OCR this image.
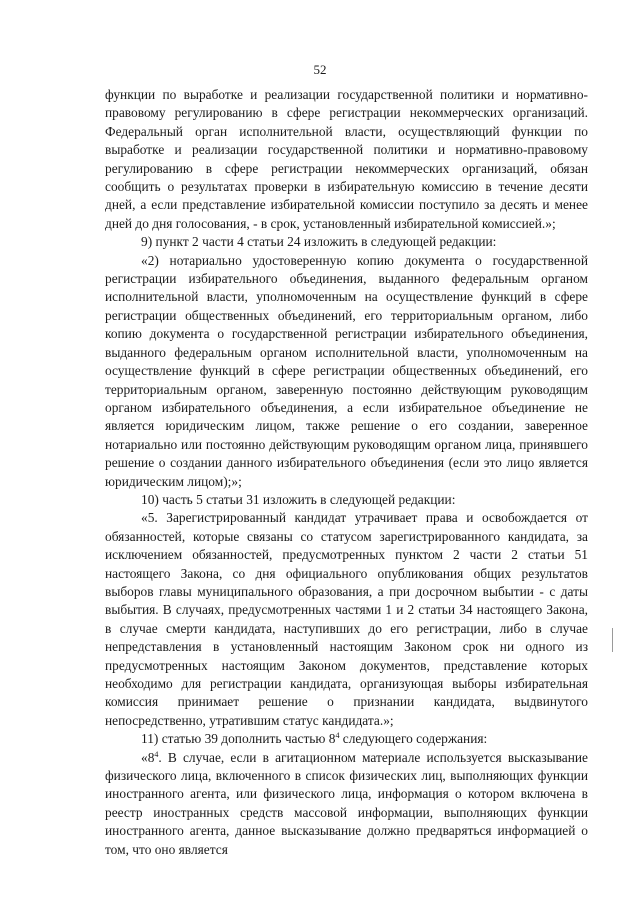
52

функции по выработке и реализации государственной политики и нормативно-правовому регулированию в сфере регистрации некоммерческих организаций. Федеральный орган исполнительной власти, осуществляющий функции по выработке и реализации государственной политики и нормативно-правовому регулированию в сфере регистрации некоммерческих организаций, обязан сообщить о результатах проверки в избирательную комиссию в течение десяти дней, а если представление избирательной комиссии поступило за десять и менее дней до дня голосования, - в срок, установленный избирательной комиссией.»;

9) пункт 2 части 4 статьи 24 изложить в следующей редакции:

«2) нотариально удостоверенную копию документа о государственной регистрации избирательного объединения, выданного федеральным органом исполнительной власти, уполномоченным на осуществление функций в сфере регистрации общественных объединений, его территориальным органом, либо копию документа о государственной регистрации избирательного объединения, выданного федеральным органом исполнительной власти, уполномоченным на осуществление функций в сфере регистрации общественных объединений, его территориальным органом, заверенную постоянно действующим руководящим органом избирательного объединения, а если избирательное объединение не является юридическим лицом, также решение о его создании, заверенное нотариально или постоянно действующим руководящим органом лица, принявшего решение о создании данного избирательного объединения (если это лицо является юридическим лицом);»;

10) часть 5 статьи 31 изложить в следующей редакции:

«5. Зарегистрированный кандидат утрачивает права и освобождается от обязанностей, которые связаны со статусом зарегистрированного кандидата, за исключением обязанностей, предусмотренных пунктом 2 части 2 статьи 51 настоящего Закона, со дня официального опубликования общих результатов выборов главы муниципального образования, а при досрочном выбытии - с даты выбытия. В случаях, предусмотренных частями 1 и 2 статьи 34 настоящего Закона, в случае смерти кандидата, наступивших до его регистрации, либо в случае непредставления в установленный настоящим Законом срок ни одного из предусмотренных настоящим Законом документов, представление которых необходимо для регистрации кандидата, организующая выборы избирательная комиссия принимает решение о признании кандидата, выдвинутого непосредственно, утратившим статус кандидата.»;

11) статью 39 дополнить частью $8^4$ следующего содержания:

«$8^4$. В случае, если в агитационном материале используется высказывание физического лица, включенного в список физических лиц, выполняющих функции иностранного агента, или физического лица, информация о котором включена в реестр иностранных средств массовой информации, выполняющих функции иностранного агента, данное высказывание должно предваряться информацией о том, что оно является
